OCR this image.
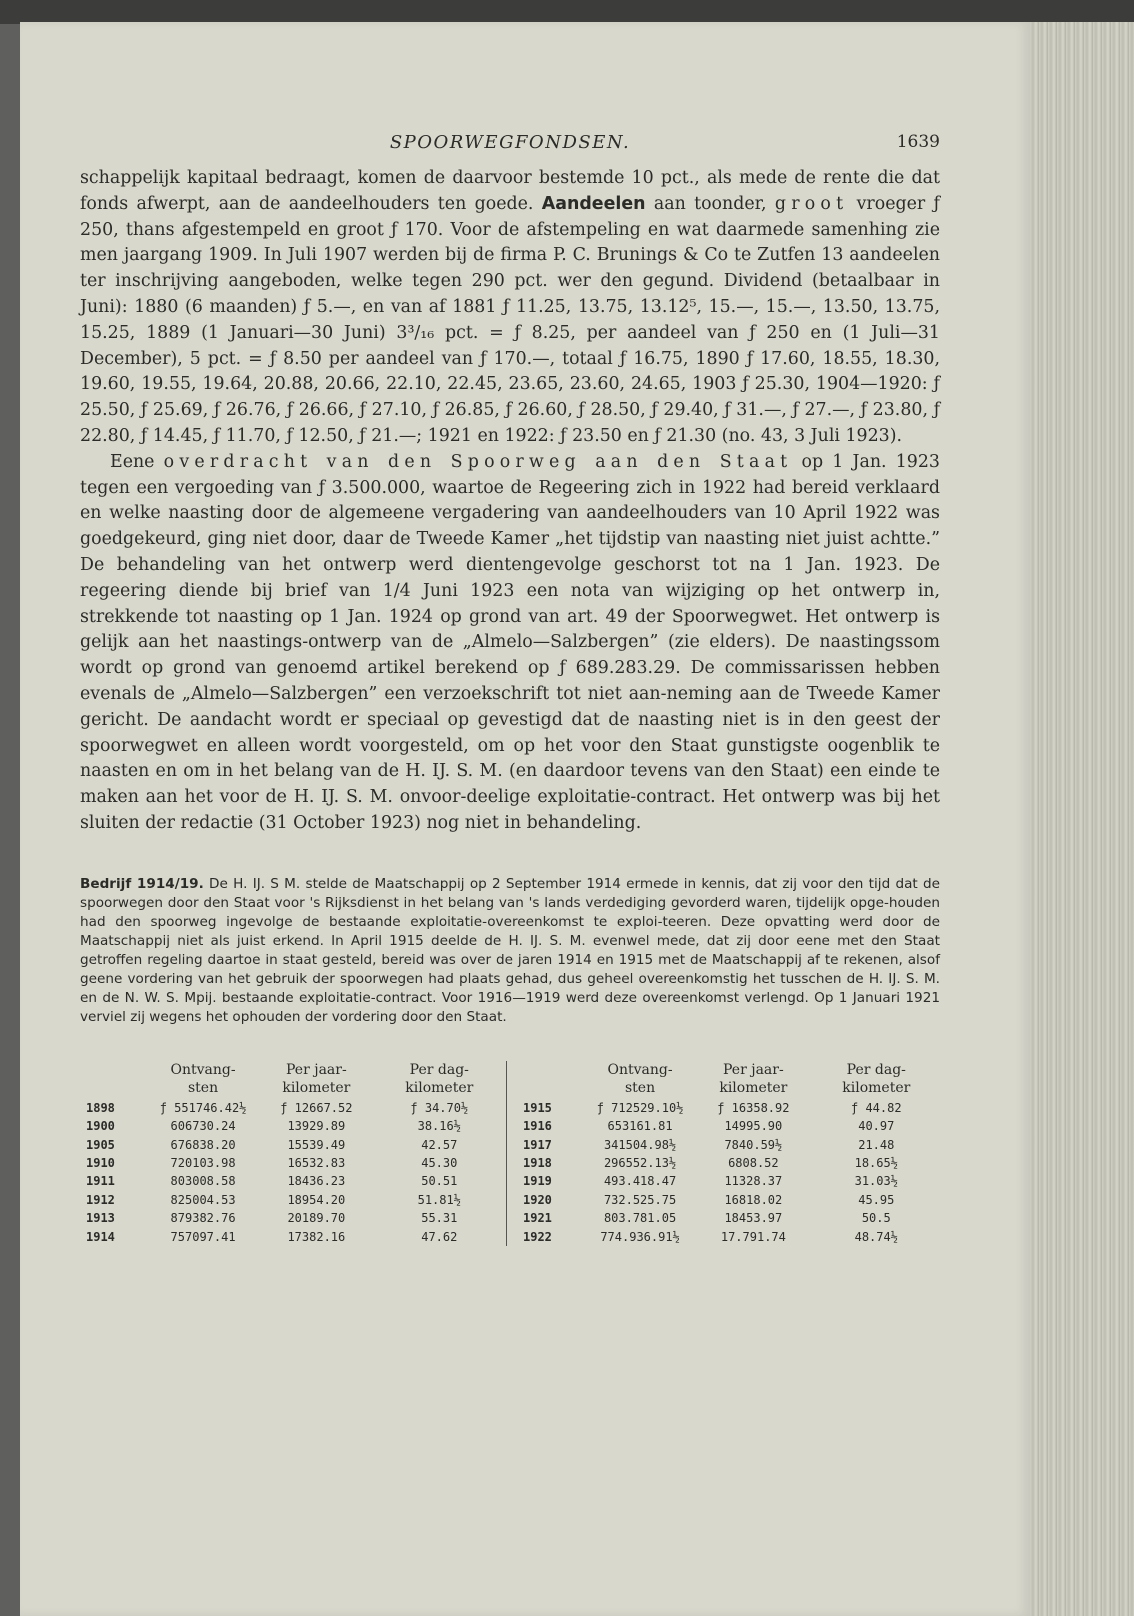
SPOORWEGFONDSEN.	1639

schappelijk kapitaal bedraagt, komen de daarvoor bestemde 10 pct., als mede de rente die dat fonds afwerpt, aan de aandeelhouders ten goede. Aandeelen aan toonder, groot vroeger ƒ 250, thans afgestempeld en groot ƒ 170. Voor de afstempeling en wat daarmede samenhing zie men jaargang 1909. In Juli 1907 werden bij de firma P. C. Brunings & Co te Zutfen 13 aandeelen ter inschrijving aangeboden, welke tegen 290 pct. wer den gegund. Dividend (betaalbaar in Juni): 1880 (6 maanden) ƒ 5.—, en van af 1881 ƒ 11.25, 13.75, 13.12⁵, 15.—, 15.—, 13.50, 13.75, 15.25, 1889 (1 Januari—30 Juni) 3³/₁₆ pct. = ƒ 8.25, per aandeel van ƒ 250 en (1 Juli—31 December), 5 pct. = ƒ 8.50 per aandeel van ƒ 170.—, totaal ƒ 16.75, 1890 ƒ 17.60, 18.55, 18.30, 19.60, 19.55, 19.64, 20.88, 20.66, 22.10, 22.45, 23.65, 23.60, 24.65, 1903 ƒ 25.30, 1904—1920: ƒ 25.50, ƒ 25.69, ƒ 26.76, ƒ 26.66, ƒ 27.10, ƒ 26.85, ƒ 26.60, ƒ 28.50, ƒ 29.40, ƒ 31.—, ƒ 27.—, ƒ 23.80, ƒ 22.80, ƒ 14.45, ƒ 11.70, ƒ 12.50, ƒ 21.—; 1921 en 1922: ƒ 23.50 en ƒ 21.30 (no. 43, 3 Juli 1923).

Eene overdracht van den Spoorweg aan den Staat op 1 Jan. 1923 tegen een vergoeding van ƒ 3.500.000, waartoe de Regeering zich in 1922 had bereid verklaard en welke naasting door de algemeene vergadering van aandeelhouders van 10 April 1922 was goedgekeurd, ging niet door, daar de Tweede Kamer „het tijdstip van naasting niet juist achtte.” De behandeling van het ontwerp werd dientengevolge geschorst tot na 1 Jan. 1923. De regeering diende bij brief van 1/4 Juni 1923 een nota van wijziging op het ontwerp in, strekkende tot naasting op 1 Jan. 1924 op grond van art. 49 der Spoorwegwet. Het ontwerp is gelijk aan het naastings-ontwerp van de „Almelo—Salzbergen” (zie elders). De naastingssom wordt op grond van genoemd artikel berekend op ƒ 689.283.29. De commissarissen hebben evenals de „Almelo—Salzbergen” een verzoekschrift tot niet aan-neming aan de Tweede Kamer gericht. De aandacht wordt er speciaal op gevestigd dat de naasting niet is in den geest der spoorwegwet en alleen wordt voorgesteld, om op het voor den Staat gunstigste oogenblik te naasten en om in het belang van de H. IJ. S. M. (en daardoor tevens van den Staat) een einde te maken aan het voor de H. IJ. S. M. onvoor-deelige exploitatie-contract. Het ontwerp was bij het sluiten der redactie (31 October 1923) nog niet in behandeling.

Bedrijf 1914/19. De H. IJ. S M. stelde de Maatschappij op 2 September 1914 ermede in kennis, dat zij voor den tijd dat de spoorwegen door den Staat voor 's Rijksdienst in het belang van 's lands verdediging gevorderd waren, tijdelijk opge-houden had den spoorweg ingevolge de bestaande exploitatie-overeenkomst te exploi-teeren. Deze opvatting werd door de Maatschappij niet als juist erkend. In April 1915 deelde de H. IJ. S. M. evenwel mede, dat zij door eene met den Staat getroffen regeling daartoe in staat gesteld, bereid was over de jaren 1914 en 1915 met de Maatschappij af te rekenen, alsof geene vordering van het gebruik der spoorwegen had plaats gehad, dus geheel overeenkomstig het tusschen de H. IJ. S. M. en de N. W. S. Mpij. bestaande exploitatie-contract. Voor 1916—1919 werd deze overeenkomst verlengd. Op 1 Januari 1921 verviel zij wegens het ophouden der vordering door den Staat.
	Ontvang-sten	Per jaar-kilometer	Per dag-kilometer
1898	ƒ 551746.42½	ƒ 12667.52	ƒ 34.70½
1900	606730.24	13929.89	38.16½
1905	676838.20	15539.49	42.57
1910	720103.98	16532.83	45.30
1911	803008.58	18436.23	50.51
1912	825004.53	18954.20	51.81½
1913	879382.76	20189.70	55.31
1914	757097.41	17382.16	47.62
	Ontvang-sten	Per jaar-kilometer	Per dag-kilometer
1915	ƒ 712529.10½	ƒ 16358.92	ƒ 44.82
1916	653161.81	14995.90	40.97
1917	341504.98½	7840.59½	21.48
1918	296552.13½	6808.52	18.65½
1919	493.418.47	11328.37	31.03½
1920	732.525.75	16818.02	45.95
1921	803.781.05	18453.97	50.5
1922	774.936.91½	17.791.74	48.74½
